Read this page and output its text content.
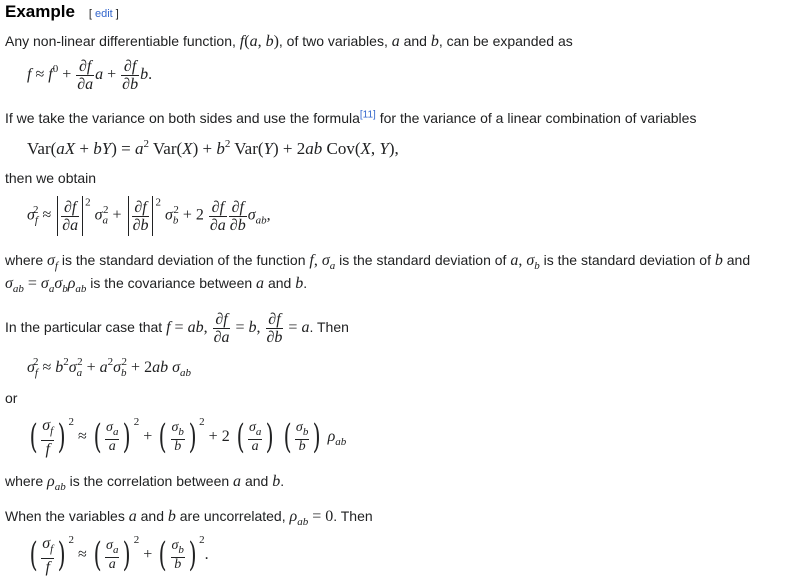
Example [ edit ]
Any non-linear differentiable function, f(a, b), of two variables, a and b, can be expanded as
$f \approx f^0 + \frac{\partial f}{\partial a}$ $a + \frac{\partial f}{\partial b} b$.
If we take the variance on both sides and use the formula[11] for the variance of a linear combination of variables
$Var(aX + bY) = a^2$ $Var(X) + b^2$ Var(Y) + 2ab Cov(X, Y),
then we obtain
$\sigma_f^2 \approx \frac{\partial f}{\partial a} ^2$ $\sigma_a^2 + \frac{\partial f}{\partial b} ^2$ $\sigma_b^2 + 2 \frac{\partial f}{\partial a} \frac{\partial f}{\partial b} \sigma_{ab}$,
where $\sigma_f$ is the standard deviation of the function f, $\sigma_a$ is the standard deviation of a, $\sigma_b$ is the standard deviation of b and
$\sigma_{ab} = \sigma_a\sigma_b\rho_{ab}$ is the covariance between a and b.
In the particular case that f = ab, $\frac{\partial f}{\partial a} = b$, $\frac{\partial f}{\partial b} = a$. Then
$\sigma_f^2 \approx b^2\sigma_a^2 + a^2\sigma_b^2 + 2ab$ $\sigma_{ab}$
or
( $\frac{\sigma_f}{f}$ ) $^2$ ≈ ( $\frac{\sigma_a}{a}$ ) $^2$ + ( $\frac{\sigma_b}{b}$ ) $^2$ + 2 ( $\frac{\sigma_a}{a}$ ) ( $\frac{\sigma_b}{b}$ ) $\rho_{ab}$
where $\rho_{ab}$ is the correlation between a and b.
When the variables a and b are uncorrelated, $\rho_{ab} = 0$. Then
( $\frac{\sigma_f}{f}$ ) $^2$ ≈ ( $\frac{\sigma_a}{a}$ ) $^2$ + ( $\frac{\sigma_b}{b}$ ) $^2$.
